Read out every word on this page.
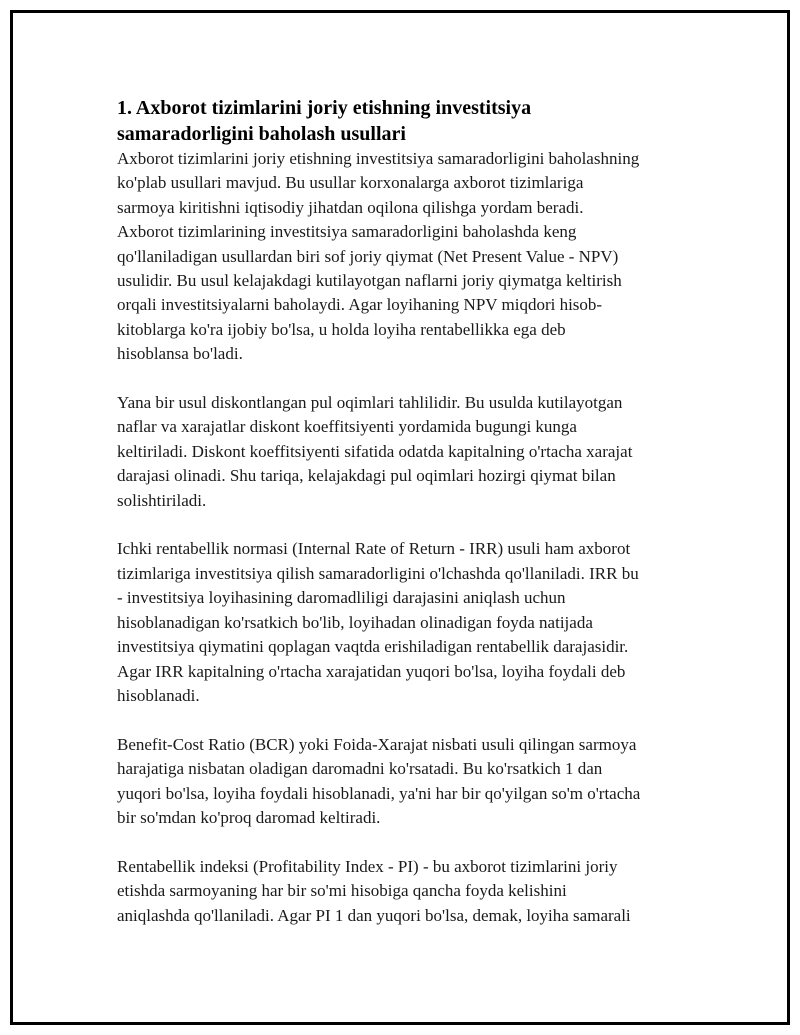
1. Axborot tizimlarini joriy etishning investitsiya
samaradorligini baholash usullari

Axborot tizimlarini joriy etishning investitsiya samaradorligini baholashning
ko'plab usullari mavjud. Bu usullar korxonalarga axborot tizimlariga
sarmoya kiritishni iqtisodiy jihatdan oqilona qilishga yordam beradi.
Axborot tizimlarining investitsiya samaradorligini baholashda keng
qo'llaniladigan usullardan biri sof joriy qiymat (Net Present Value - NPV)
usulidir. Bu usul kelajakdagi kutilayotgan naflarni joriy qiymatga keltirish
orqali investitsiyalarni baholaydi. Agar loyihaning NPV miqdori hisob-
kitoblarga ko'ra ijobiy bo'lsa, u holda loyiha rentabellikka ega deb
hisoblansa bo'ladi.

Yana bir usul diskontlangan pul oqimlari tahlilidir. Bu usulda kutilayotgan
naflar va xarajatlar diskont koeffitsiyenti yordamida bugungi kunga
keltiriladi. Diskont koeffitsiyenti sifatida odatda kapitalning o'rtacha xarajat
darajasi olinadi. Shu tariqa, kelajakdagi pul oqimlari hozirgi qiymat bilan
solishtiriladi.

Ichki rentabellik normasi (Internal Rate of Return - IRR) usuli ham axborot
tizimlariga investitsiya qilish samaradorligini o'lchashda qo'llaniladi. IRR bu
- investitsiya loyihasining daromadliligi darajasini aniqlash uchun
hisoblanadigan ko'rsatkich bo'lib, loyihadan olinadigan foyda natijada
investitsiya qiymatini qoplagan vaqtda erishiladigan rentabellik darajasidir.
Agar IRR kapitalning o'rtacha xarajatidan yuqori bo'lsa, loyiha foydali deb
hisoblanadi.

Benefit-Cost Ratio (BCR) yoki Foida-Xarajat nisbati usuli qilingan sarmoya
harajatiga nisbatan oladigan daromadni ko'rsatadi. Bu ko'rsatkich 1 dan
yuqori bo'lsa, loyiha foydali hisoblanadi, ya'ni har bir qo'yilgan so'm o'rtacha
bir so'mdan ko'proq daromad keltiradi.

Rentabellik indeksi (Profitability Index - PI) - bu axborot tizimlarini joriy
etishda sarmoyaning har bir so'mi hisobiga qancha foyda kelishini
aniqlashda qo'llaniladi. Agar PI 1 dan yuqori bo'lsa, demak, loyiha samarali
